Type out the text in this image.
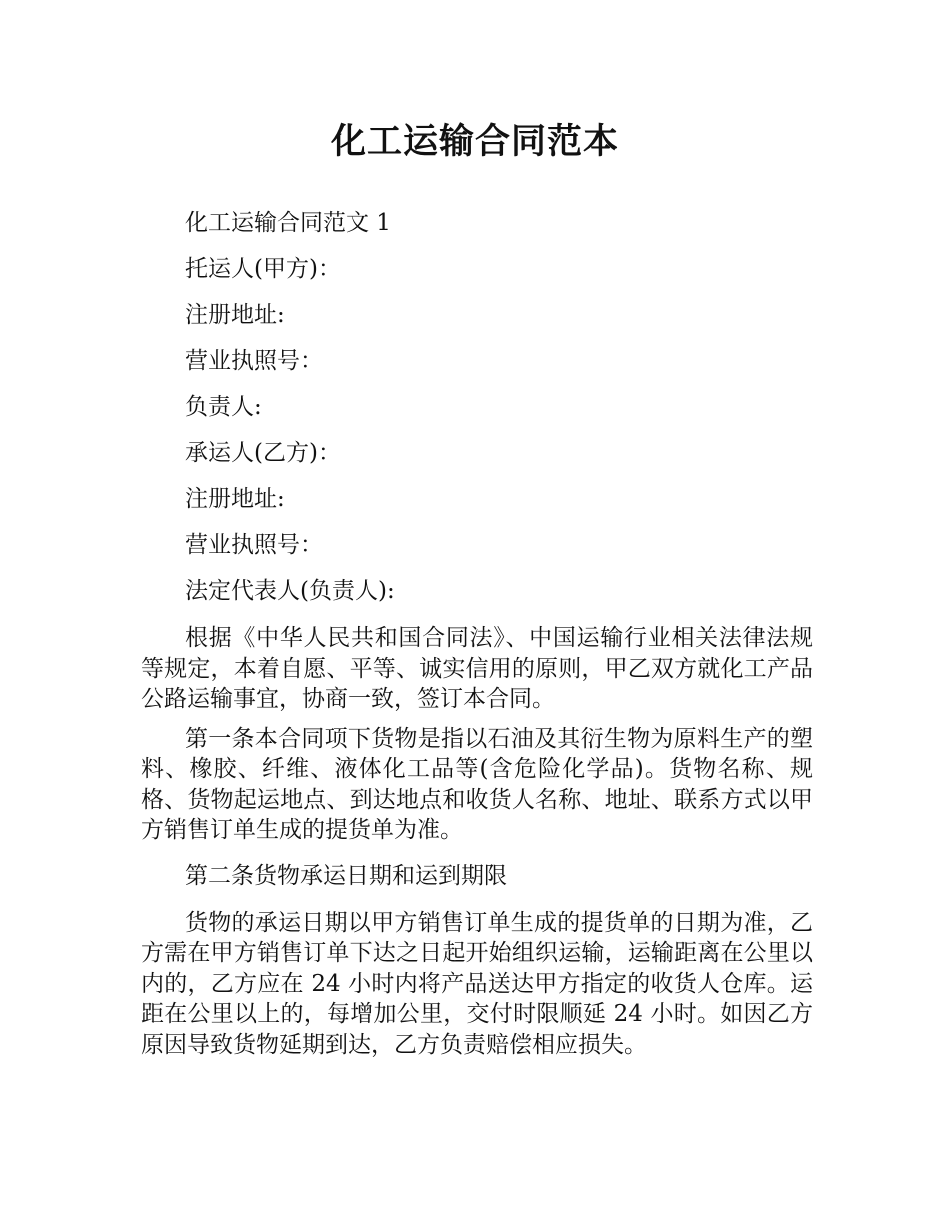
化工运输合同范本
化工运输合同范文 1
托运人(甲方)：
注册地址:
营业执照号：
负责人:
承运人(乙方)：
注册地址:
营业执照号：
法定代表人(负责人):
根据《中华人民共和国合同法》、中国运输行业相关法律法规等规定，本着自愿、平等、诚实信用的原则，甲乙双方就化工产品公路运输事宜，协商一致，签订本合同。
第一条本合同项下货物是指以石油及其衍生物为原料生产的塑料、橡胶、纤维、液体化工品等(含危险化学品)。货物名称、规格、货物起运地点、到达地点和收货人名称、地址、联系方式以甲方销售订单生成的提货单为准。
第二条货物承运日期和运到期限
货物的承运日期以甲方销售订单生成的提货单的日期为准，乙方需在甲方销售订单下达之日起开始组织运输，运输距离在公里以内的，乙方应在 24 小时内将产品送达甲方指定的收货人仓库。运距在公里以上的，每增加公里，交付时限顺延 24 小时。如因乙方原因导致货物延期到达，乙方负责赔偿相应损失。
